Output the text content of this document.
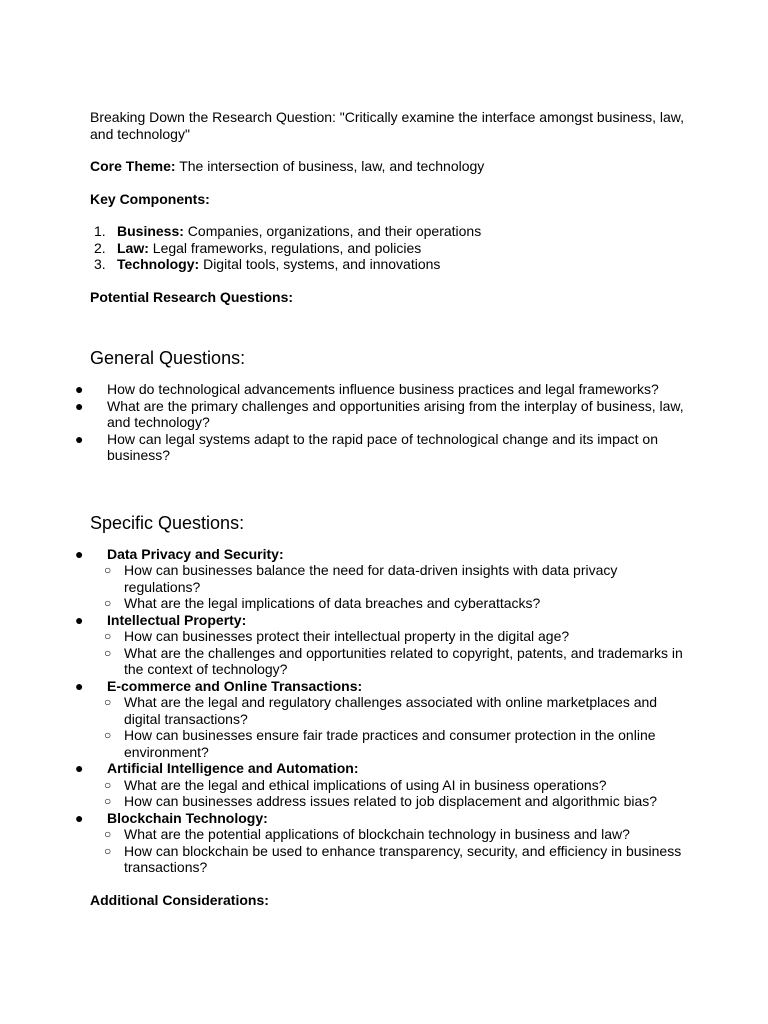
Breaking Down the Research Question: "Critically examine the interface amongst business, law, and technology"

Core Theme: The intersection of business, law, and technology

Key Components:

1. Business: Companies, organizations, and their operations
2. Law: Legal frameworks, regulations, and policies
3. Technology: Digital tools, systems, and innovations

Potential Research Questions:

General Questions:
● How do technological advancements influence business practices and legal frameworks?
● What are the primary challenges and opportunities arising from the interplay of business, law, and technology?
● How can legal systems adapt to the rapid pace of technological change and its impact on business?
Specific Questions:
● Data Privacy and Security:
○ How can businesses balance the need for data-driven insights with data privacy regulations?
○ What are the legal implications of data breaches and cyberattacks?
● Intellectual Property:
○ How can businesses protect their intellectual property in the digital age?
○ What are the challenges and opportunities related to copyright, patents, and trademarks in the context of technology?
● E-commerce and Online Transactions:
○ What are the legal and regulatory challenges associated with online marketplaces and digital transactions?
○ How can businesses ensure fair trade practices and consumer protection in the online environment?
● Artificial Intelligence and Automation:
○ What are the legal and ethical implications of using AI in business operations?
○ How can businesses address issues related to job displacement and algorithmic bias?
● Blockchain Technology:
○ What are the potential applications of blockchain technology in business and law?
○ How can blockchain be used to enhance transparency, security, and efficiency in business transactions?

Additional Considerations:
